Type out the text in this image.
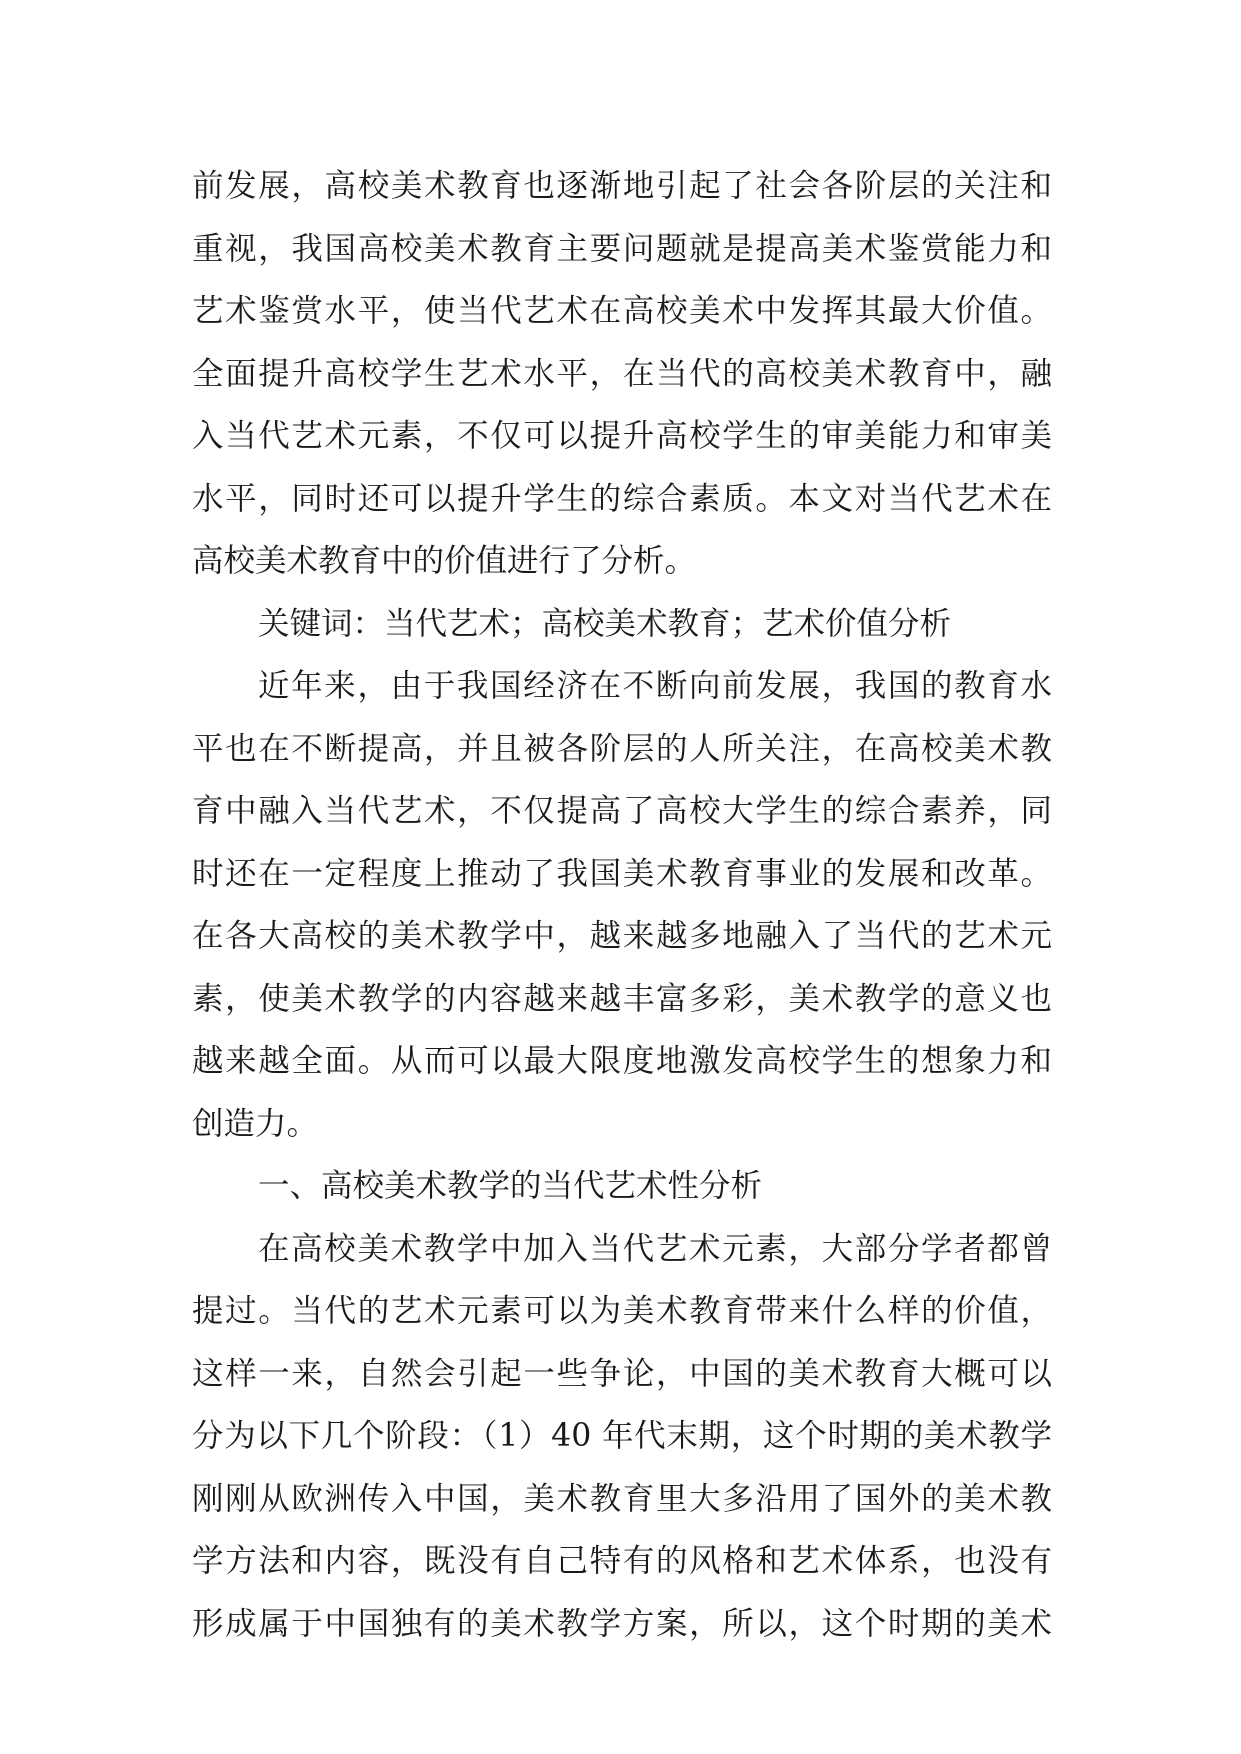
前发展，高校美术教育也逐渐地引起了社会各阶层的关注和
重视，我国高校美术教育主要问题就是提高美术鉴赏能力和
艺术鉴赏水平，使当代艺术在高校美术中发挥其最大价值。
全面提升高校学生艺术水平，在当代的高校美术教育中，融
入当代艺术元素，不仅可以提升高校学生的审美能力和审美
水平，同时还可以提升学生的综合素质。本文对当代艺术在
高校美术教育中的价值进行了分析。
关键词：当代艺术；高校美术教育；艺术价值分析
近年来，由于我国经济在不断向前发展，我国的教育水
平也在不断提高，并且被各阶层的人所关注，在高校美术教
育中融入当代艺术，不仅提高了高校大学生的综合素养，同
时还在一定程度上推动了我国美术教育事业的发展和改革。
在各大高校的美术教学中，越来越多地融入了当代的艺术元
素，使美术教学的内容越来越丰富多彩，美术教学的意义也
越来越全面。从而可以最大限度地激发高校学生的想象力和
创造力。
一、高校美术教学的当代艺术性分析
在高校美术教学中加入当代艺术元素，大部分学者都曾
提过。当代的艺术元素可以为美术教育带来什么样的价值，
这样一来，自然会引起一些争论，中国的美术教育大概可以
分为以下几个阶段：（1）40 年代末期，这个时期的美术教学
刚刚从欧洲传入中国，美术教育里大多沿用了国外的美术教
学方法和内容，既没有自己特有的风格和艺术体系，也没有
形成属于中国独有的美术教学方案，所以，这个时期的美术
